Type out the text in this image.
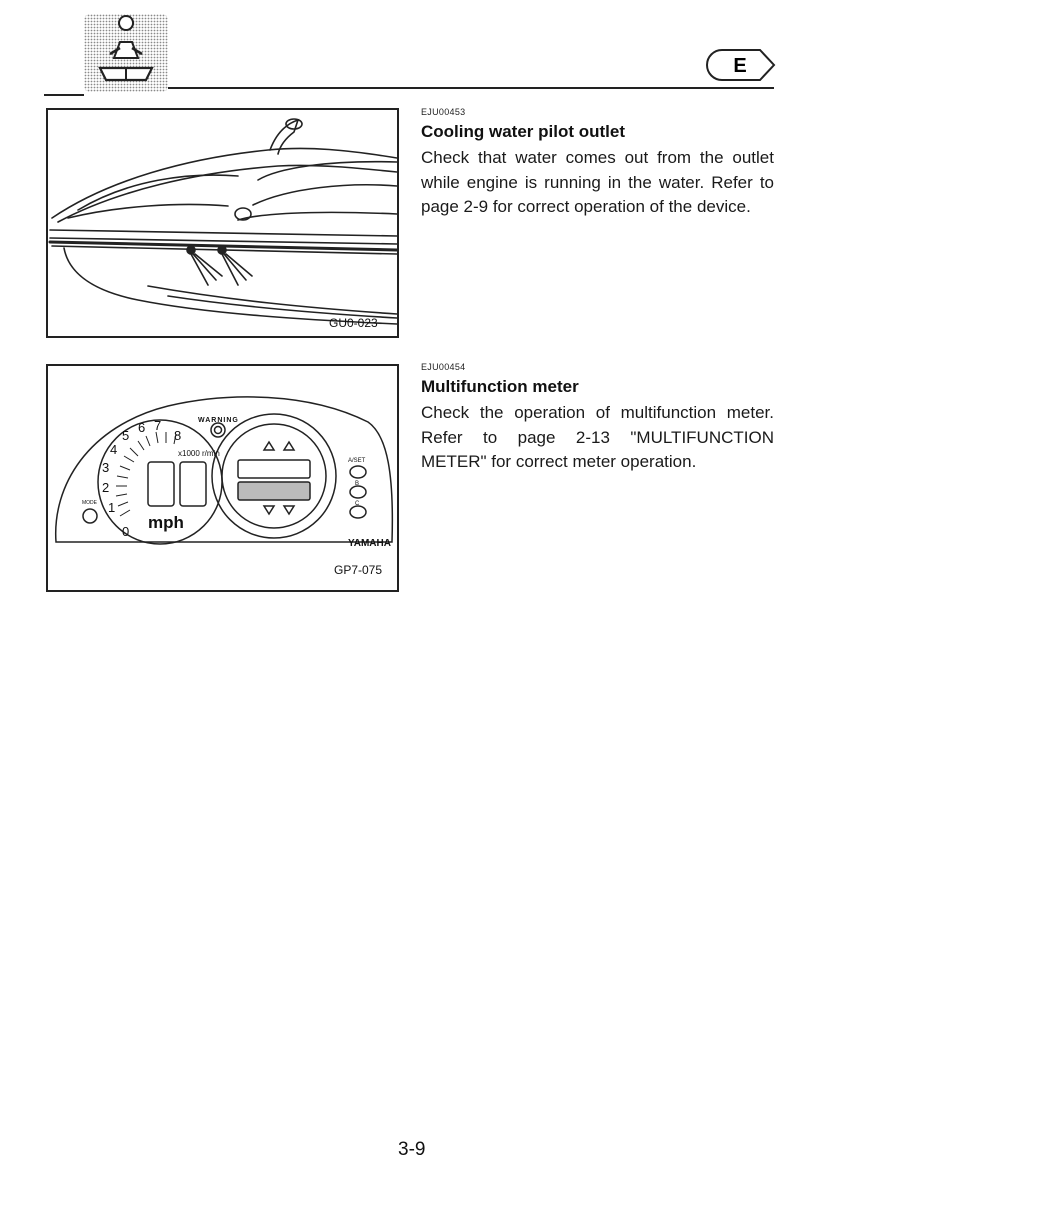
E
GU0-023
EJU00453
Cooling water pilot outlet
Check that water comes out from the outlet while engine is running in the water. Refer to page 2-9 for correct operation of the device.
0
1
2
3
4
5
6 7
8
mph
x1000 r/min
WARNING
MODE
A/SET
B
C
YAMAHA
GP7-075
EJU00454
Multifunction meter
Check the operation of multifunction meter. Refer to page 2-13 "MULTIFUNCTION METER" for correct meter operation.
3-9
